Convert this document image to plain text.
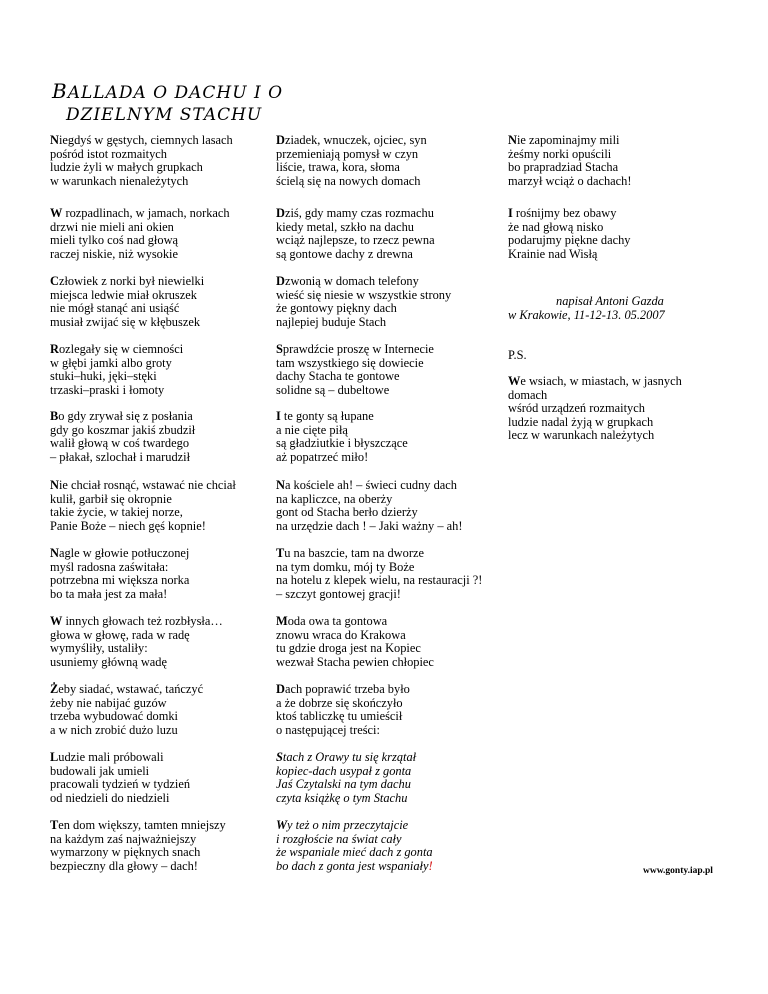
BALLADA O DACHU I O
DZIELNYM STACHU
Niegdyś w gęstych, ciemnych lasach
pośród istot rozmaitych
ludzie żyli w małych grupkach
w warunkach nienależytych
W rozpadlinach, w jamach, norkach
drzwi nie mieli ani okien
mieli tylko coś nad głową
raczej niskie, niż wysokie
Człowiek z norki był niewielki
miejsca ledwie miał okruszek
nie mógł stanąć ani usiąść
musiał zwijać się w kłębuszek
Rozlegały się w ciemności
w głębi jamki albo groty
stuki–huki, jęki–stęki
trzaski–praski i łomoty
Bo gdy zrywał się z posłania
gdy go koszmar jakiś zbudził
walił głową w coś twardego
– płakał, szlochał i marudził
Nie chciał rosnąć, wstawać nie chciał
kulił, garbił się okropnie
takie życie, w takiej norze,
Panie Boże – niech gęś kopnie!
Nagle w głowie potłuczonej
myśl radosna zaświtała:
potrzebna mi większa norka
bo ta mała jest za mała!
W innych głowach też rozbłysła…
głowa w głowę, rada w radę
wymyśliły, ustaliły:
usuniemy główną wadę
Żeby siadać, wstawać, tańczyć
żeby nie nabijać guzów
trzeba wybudować domki
a w nich zrobić dużo luzu
Ludzie mali próbowali
budowali jak umieli
pracowali tydzień w tydzień
od niedzieli do niedzieli
Ten dom większy, tamten mniejszy
na każdym zaś najważniejszy
wymarzony w pięknych snach
bezpieczny dla głowy – dach!
Dziadek, wnuczek, ojciec, syn
przemieniają pomysł w czyn
liście, trawa, kora, słoma
ścielą się na nowych domach
Dziś, gdy mamy czas rozmachu
kiedy metal, szkło na dachu
wciąż najlepsze, to rzecz pewna
są gontowe dachy z drewna
Dzwonią w domach telefony
wieść się niesie w wszystkie strony
że gontowy piękny dach
najlepiej buduje Stach
Sprawdźcie proszę w Internecie
tam wszystkiego się dowiecie
dachy Stacha te gontowe
solidne są – dubeltowe
I te gonty są łupane
a nie cięte piłą
są gładziutkie i błyszczące
aż popatrzeć miło!
Na kościele ah! – świeci cudny dach
na kapliczce, na oberży
gont od Stacha berło dzierży
na urzędzie dach ! – Jaki ważny – ah!
Tu na baszcie, tam na dworze
na tym domku, mój ty Boże
na hotelu z klepek wielu, na restauracji ?!
– szczyt gontowej gracji!
Moda owa ta gontowa
znowu wraca do Krakowa
tu gdzie droga jest na Kopiec
wezwał Stacha pewien chłopiec
Dach poprawić trzeba było
a że dobrze się skończyło
ktoś tabliczkę tu umieścił
o następującej treści:
Stach z Orawy tu się krzątał
kopiec-dach usypał z gonta
Jaś Czytalski na tym dachu
czyta książkę o tym Stachu
Wy też o nim przeczytajcie
i rozgłoście na świat cały
że wspaniale mieć dach z gonta
bo dach z gonta jest wspaniały!
Nie zapominajmy mili
żeśmy norki opuścili
bo prapradziad Stacha
marzył wciąż o dachach!
I rośnijmy bez obawy
że nad głową nisko
podarujmy piękne dachy
Krainie nad Wisłą
We wsiach, w miastach, w jasnych
domach
wśród urządzeń rozmaitych
ludzie nadal żyją w grupkach
lecz w warunkach należytych
napisał Antoni Gazda
w Krakowie, 11-12-13. 05.2007
P.S.
www.gonty.iap.pl
